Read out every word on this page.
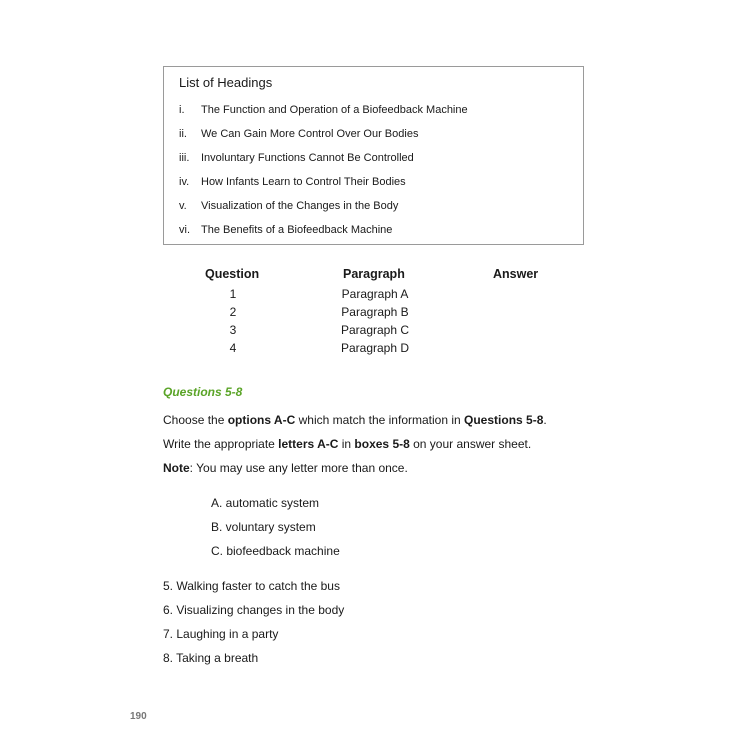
List of Headings
i. The Function and Operation of a Biofeedback Machine
ii. We Can Gain More Control Over Our Bodies
iii. Involuntary Functions Cannot Be Controlled
iv. How Infants Learn to Control Their Bodies
v. Visualization of the Changes in the Body
vi. The Benefits of a Biofeedback Machine
Question	Paragraph	Answer
1	Paragraph A
2	Paragraph B
3	Paragraph C
4	Paragraph D
Questions 5-8
Choose the options A-C which match the information in Questions 5-8.
Write the appropriate letters A-C in boxes 5-8 on your answer sheet.
Note: You may use any letter more than once.
A. automatic system
B. voluntary system
C. biofeedback machine
5. Walking faster to catch the bus
6. Visualizing changes in the body
7. Laughing in a party
8. Taking a breath
190
